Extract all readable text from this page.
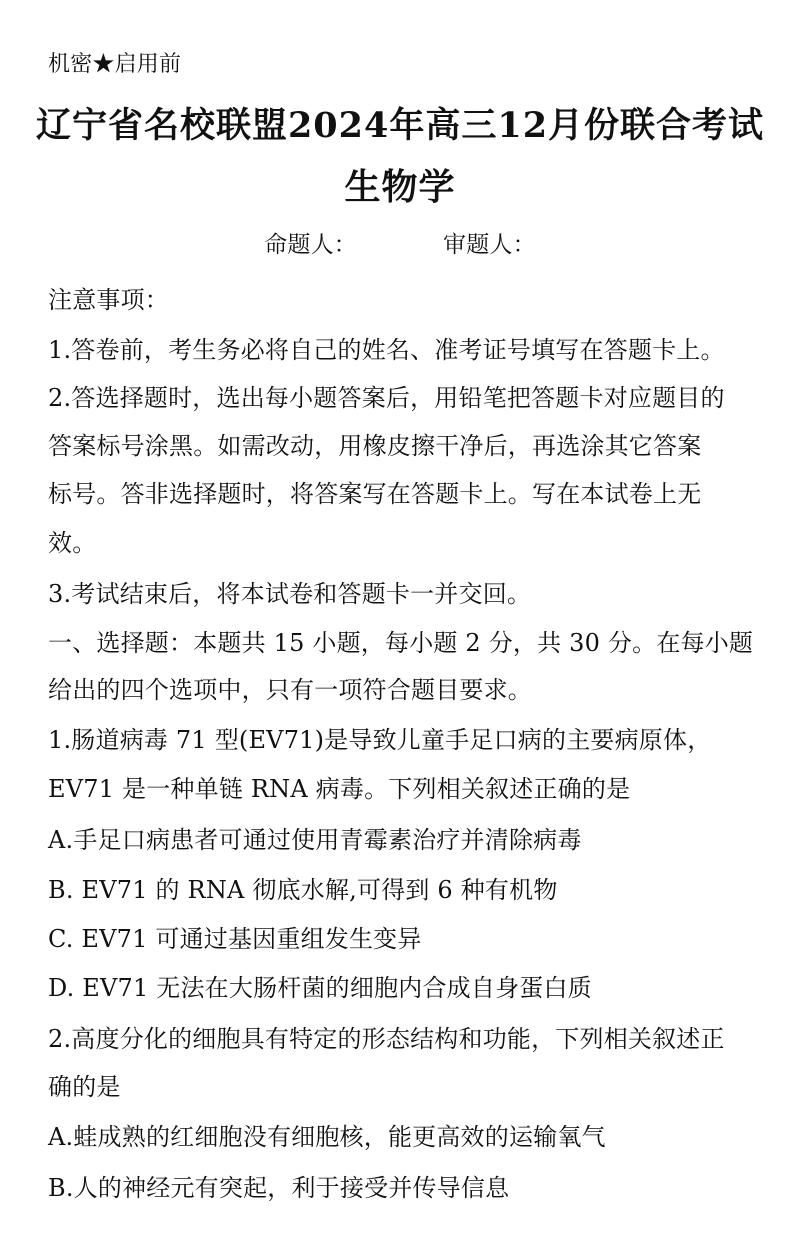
机密★启用前
辽宁省名校联盟2024年高三12月份联合考试
生物学
命题人：	审题人：
注意事项：
1.答卷前，考生务必将自己的姓名、准考证号填写在答题卡上。
2.答选择题时，选出每小题答案后，用铅笔把答题卡对应题目的
答案标号涂黑。如需改动，用橡皮擦干净后，再选涂其它答案
标号。答非选择题时，将答案写在答题卡上。写在本试卷上无
效。
3.考试结束后，将本试卷和答题卡一并交回。
一、选择题：本题共 15 小题，每小题 2 分，共 30 分。在每小题
给出的四个选项中，只有一项符合题目要求。
1.肠道病毒 71 型(EV71)是导致儿童手足口病的主要病原体，
EV71 是一种单链 RNA 病毒。下列相关叙述正确的是
A.手足口病患者可通过使用青霉素治疗并清除病毒
B. EV71 的 RNA 彻底水解,可得到 6 种有机物
C. EV71 可通过基因重组发生变异
D. EV71 无法在大肠杆菌的细胞内合成自身蛋白质
2.高度分化的细胞具有特定的形态结构和功能，下列相关叙述正
确的是
A.蛙成熟的红细胞没有细胞核，能更高效的运输氧气
B.人的神经元有突起，利于接受并传导信息
